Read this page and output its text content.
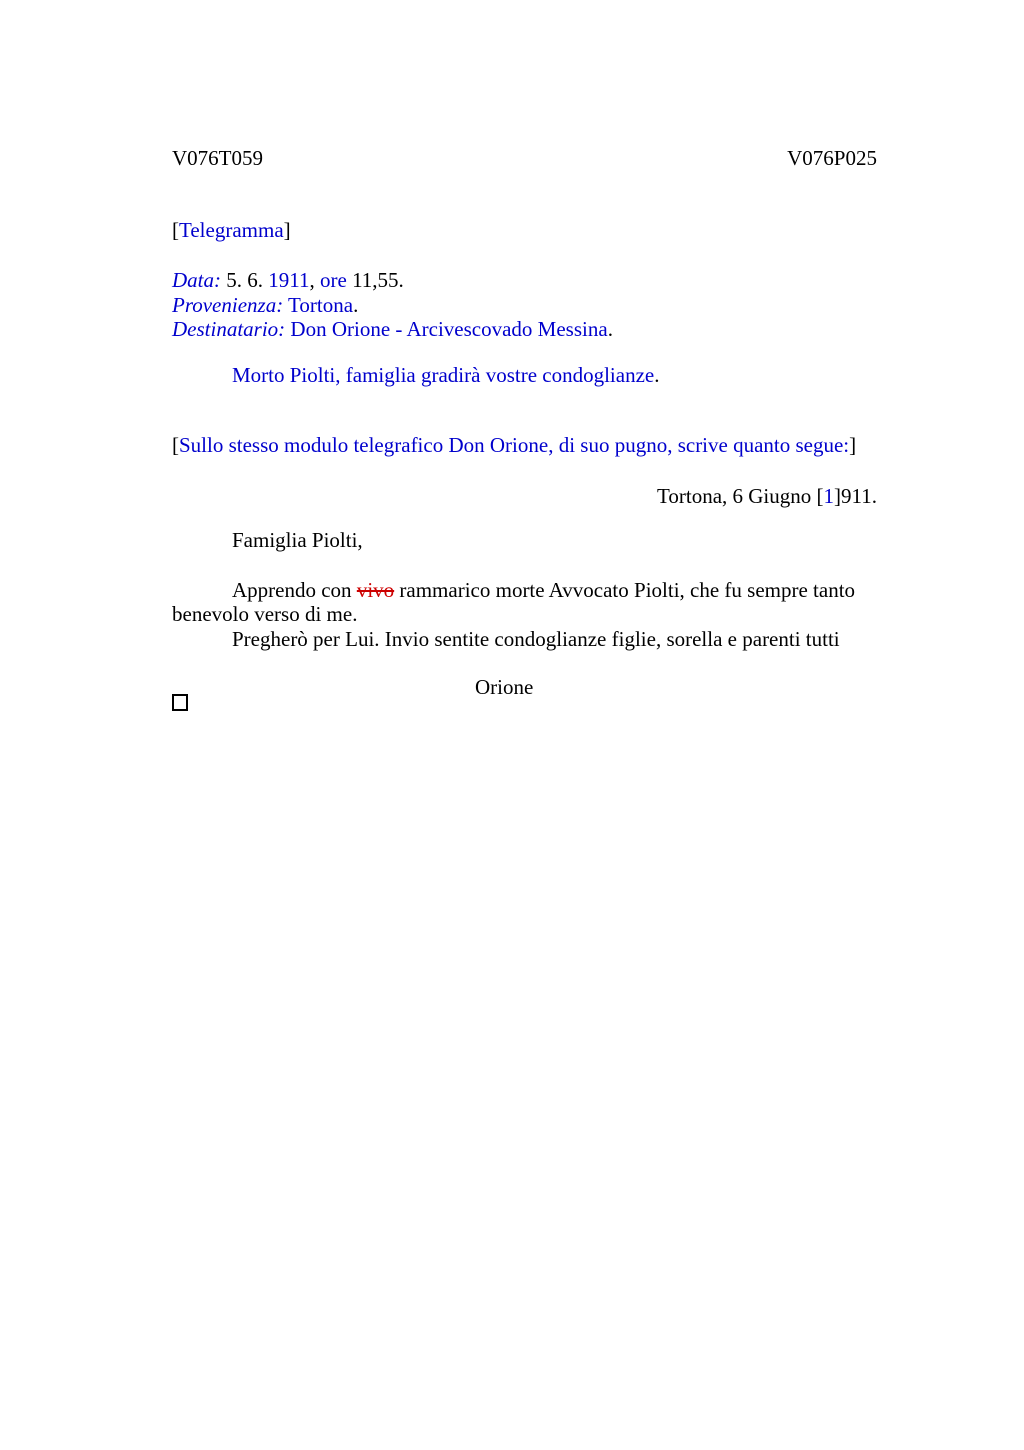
V076T059	V076P025

[Telegramma]

Data: 5. 6. 1911, ore 11,55.

Provenienza: Tortona.

Destinatario: Don Orione - Arcivescovado Messina.

Morto Piolti, famiglia gradirà vostre condoglianze.

[Sullo stesso modulo telegrafico Don Orione, di suo pugno, scrive quanto segue:]

Tortona, 6 Giugno [1]911.

Famiglia Piolti,

Apprendo con vivo rammarico morte Avvocato Piolti, che fu sempre tanto benevolo verso di me.

Pregherò per Lui. Invio sentite condoglianze figlie, sorella e parenti tutti

Orione
